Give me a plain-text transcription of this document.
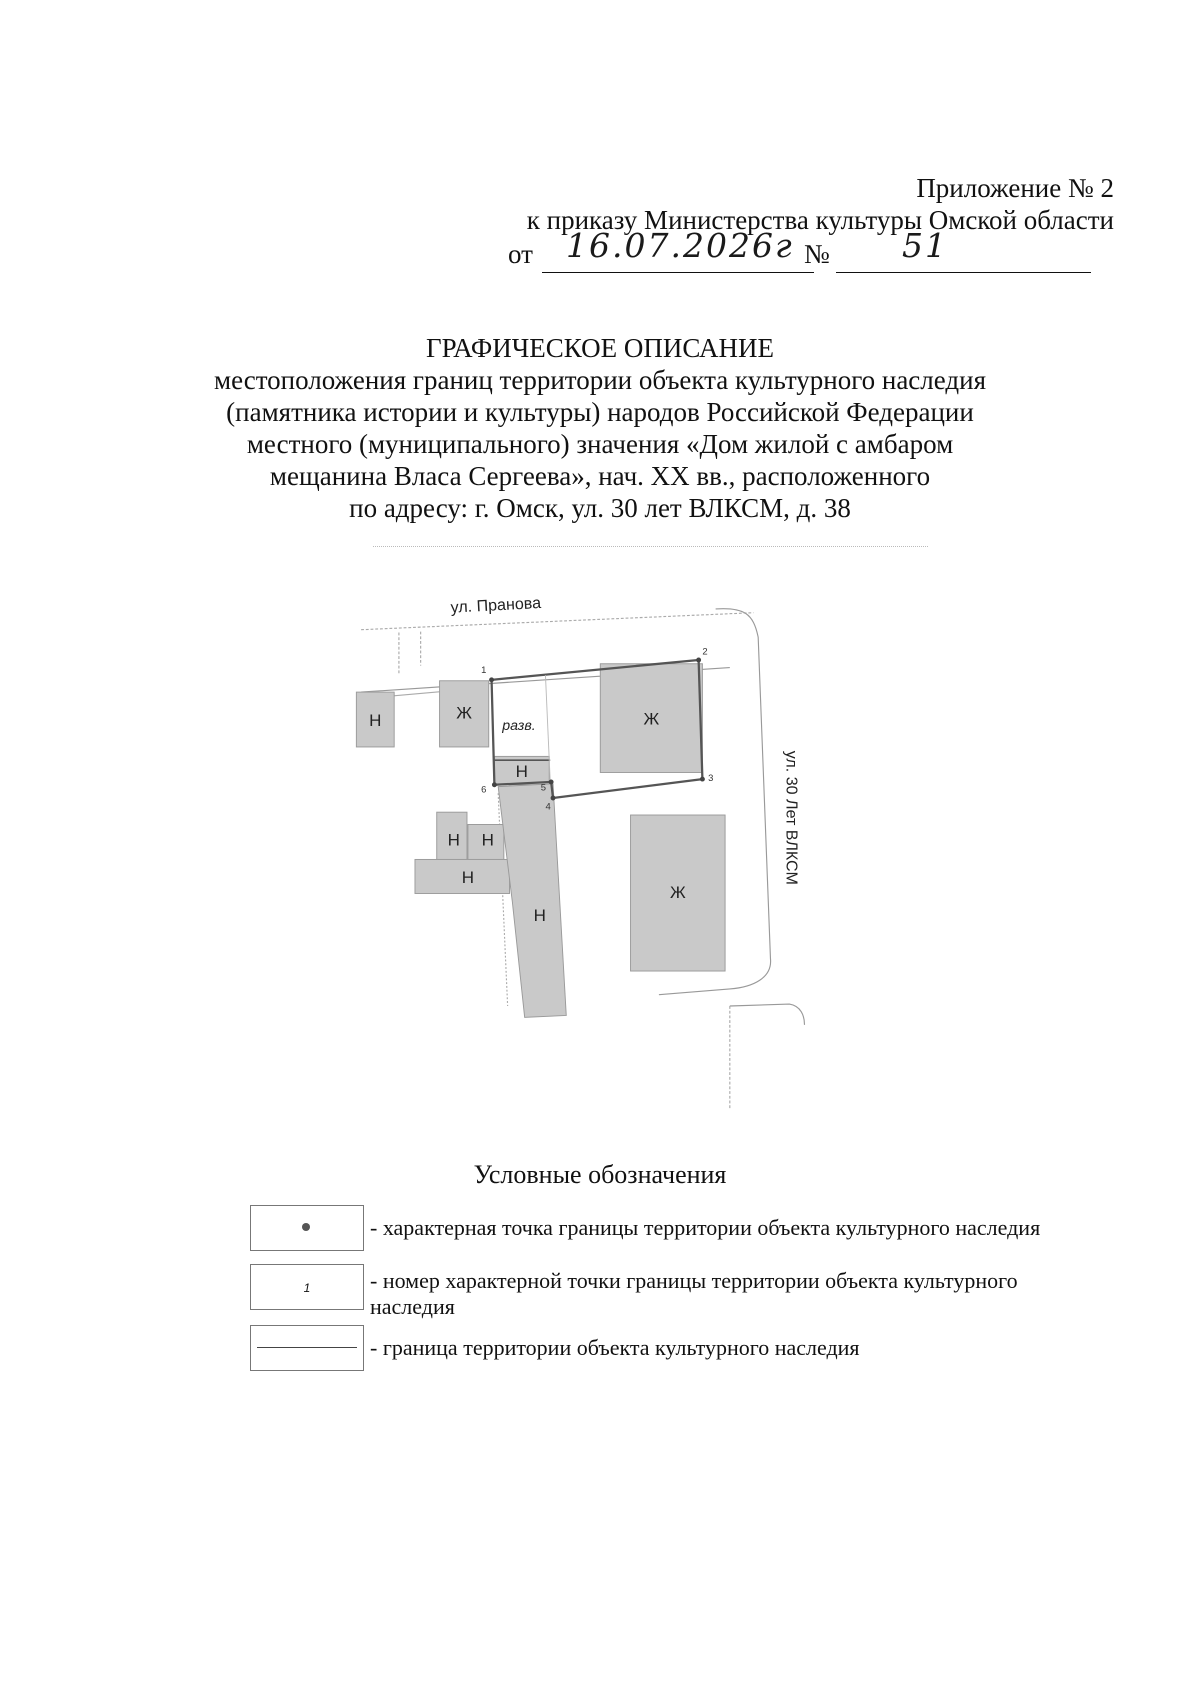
Приложение № 2
к приказу Министерства культуры Омской области
от 16.07.2026г № 51
ГРАФИЧЕСКОЕ ОПИСАНИЕ
местоположения границ территории объекта культурного наследия
(памятника истории и культуры) народов Российской Федерации
местного (муниципального) значения «Дом жилой с амбаром
мещанина Власа Сергеева», нач. XX вв., расположенного
по адресу: г. Омск, ул. 30 лет ВЛКСМ, д. 38
1
2
3
4
5
6
Н	Ж
разв.	Ж
Н
Н Н
Н
Н
Ж
ул. Пранова
ул. 30 Лет ВЛКСМ
Условные обозначения
- характерная точка границы территории объекта культурного наследия
1	- номер характерной точки границы территории объекта культурного наследия
- граница территории объекта культурного наследия
